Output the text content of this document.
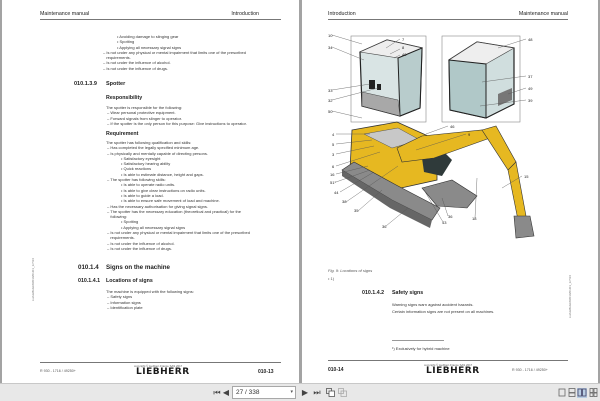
Maintenance manual	Introduction
• Avoiding damage to slinging gear
• Spotting
• Applying all necessary signal signs
– Is not under any physical or mental impairment that limits one of the prescribed
requirements.
– Is not under the influence of alcohol.
– Is not under the influence of drugs.
010.1.3.9 Spotter
Responsibility
The spotter is responsible for the following:
– Wear personal protective equipment.
– Forward signals from slinger to operator.
– If the spotter is the only person for this purpose: Give instructions to operator.
Requirement
The spotter has following qualification and skills:
– Has completed the legally specified minimum age.
– Is physically and mentally capable of directing persons.
• Satisfactory eyesight
• Satisfactory hearing ability
• Quick reactions
• Is able to estimate distance, height and gaps.
– The spotter has following skills:
• Is able to operate radio units.
• Is able to give clear instructions on radio units.
• Is able to guide a load.
• Is able to ensure safe movement of load and machine.
– Has the necessary authorisation for giving signal signs.
– The spotter has the necessary education (theoretical and practical) for the
following:
• Spotting
• Applying all necessary signal signs
– Is not under any physical or mental impairment that limits one of the prescribed
requirements.
– Is not under the influence of alcohol.
– Is not under the influence of drugs.
010.1.4 Signs on the machine
010.1.4.1 Locations of signs
The machine is equipped with the following signs:
– Safety signs
– Information signs
– Identification plate
LH/LEBHERR/010/01/01_1/7/16
R 930 - 1716 / 49250+
copyright © Liebherr-France SAS 2017
LIEBHERR	010-13
Introduction	Maintenance manual
10
34
33
32
50
7
8
40
48
37
49
39
4
5
3
6
16
51¹
44
38
35
36
46
9
43
36	18
15
Fig. 9: Locations of signs
• 1)
010.1.4.2 Safety signs
Warning signs warn against accident hazards.
Certain information signs are not present on all machines.
¹) Exclusively for hybrid machine
LH/LEBHERR/010/01/01_1/7/16
010-14
copyright © Liebherr-France SAS 2017
LIEBHERR	R 930 - 1716 / 49250+
⏮ ◀	27 / 338	▾ ▶ ⏭
